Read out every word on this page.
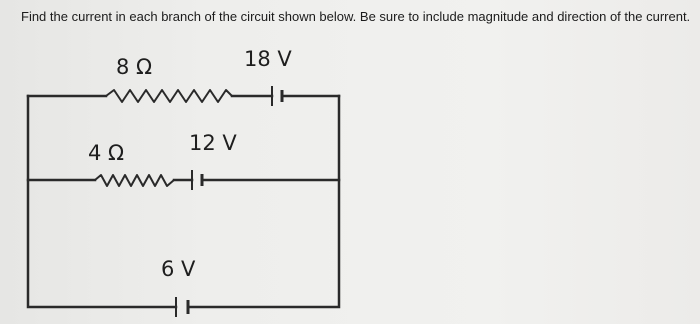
Find the current in each branch of the circuit shown below. Be sure to include magnitude and direction of the current.
8 Ω	18 V
4 Ω	12 V
6 V
